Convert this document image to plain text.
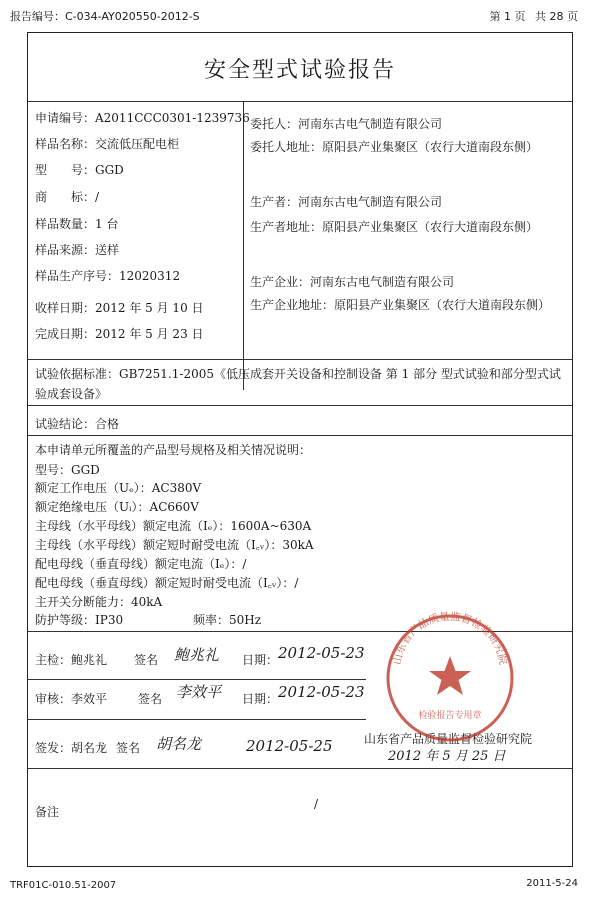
报告编号：C-034-AY020550-2012-S	第 1 页 共 28 页
安全型式试验报告
申请编号：A2011CCC0301-1239736
样品名称：交流低压配电柜
型　　号：GGD
商　　标：/
样品数量：1 台
样品来源：送样
样品生产序号：12020312
收样日期：2012 年 5 月 10 日
完成日期：2012 年 5 月 23 日
委托人：河南东古电气制造有限公司
委托人地址：原阳县产业集聚区（农行大道南段东侧）
生产者：河南东古电气制造有限公司
生产者地址：原阳县产业集聚区（农行大道南段东侧）
生产企业：河南东古电气制造有限公司
生产企业地址：原阳县产业集聚区（农行大道南段东侧）
试验依据标准：GB7251.1-2005《低压成套开关设备和控制设备 第 1 部分 型式试验和部分型式试验成套设备》
试验结论：合格
本申请单元所覆盖的产品型号规格及相关情况说明：
型号：GGD
额定工作电压（Uₑ）：AC380V
额定绝缘电压（Uᵢ）：AC660V
主母线（水平母线）额定电流（Iₑ）：1600A~630A
主母线（水平母线）额定短时耐受电流（I꜀ᵥ）：30kA
配电母线（垂直母线）额定电流（Iₑ）：/
配电母线（垂直母线）额定短时耐受电流（I꜀ᵥ）：/
主开关分断能力：40kA
防护等级：IP30	频率：50Hz
主检：鲍兆礼 签名 鲍兆礼 日期： 2012-05-23
审核：李效平	签名 李效平 日期： 2012-05-23
签发：胡名龙 签名 胡名龙	2012-05-25	山东省产品质量监督检验研究院
2012 年 5 月 25 日
备注
/
山东省产品质量监督检验研究院
检验报告专用章
TRF01C-010.51-2007	2011-5-24
